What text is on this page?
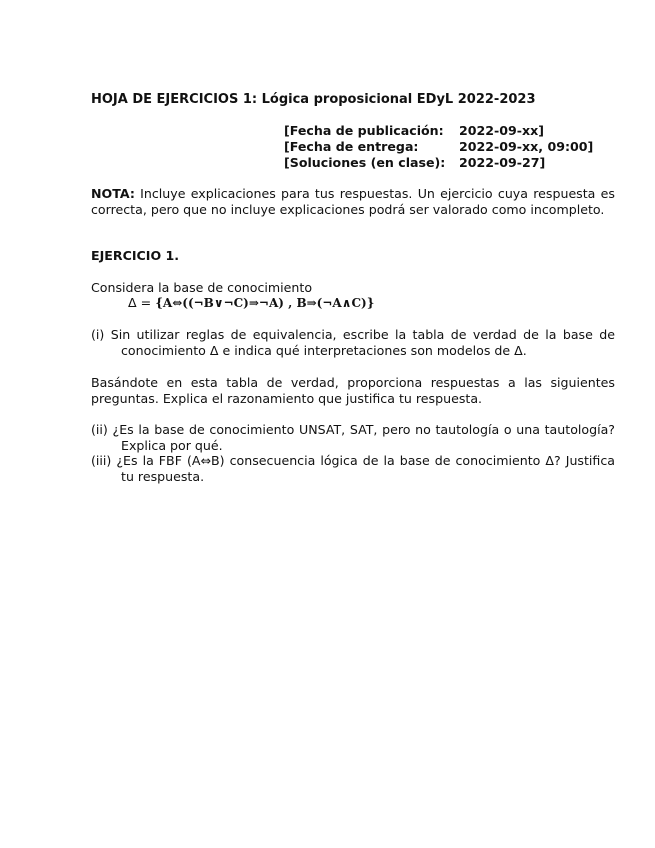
HOJA DE EJERCICIOS 1: Lógica proposicional EDyL 2022-2023
[Fecha de publicación:	2022-09-xx]
[Fecha de entrega:	2022-09-xx, 09:00]
[Soluciones (en clase):	2022-09-27]
NOTA: Incluye explicaciones para tus respuestas. Un ejercicio cuya respuesta es correcta, pero que no incluye explicaciones podrá ser valorado como incompleto.
EJERCICIO 1.
Considera la base de conocimiento
Δ = {A⇔((¬B∨¬C)⇒¬A) , B⇒(¬A∧C)}
(i) Sin utilizar reglas de equivalencia, escribe la tabla de verdad de la base de conocimiento Δ e indica qué interpretaciones son modelos de Δ.
Basándote en esta tabla de verdad, proporciona respuestas a las siguientes preguntas. Explica el razonamiento que justifica tu respuesta.
(ii) ¿Es la base de conocimiento UNSAT, SAT, pero no tautología o una tautología? Explica por qué.
(iii) ¿Es la FBF (A⇔B) consecuencia lógica de la base de conocimiento Δ? Justifica tu respuesta.
